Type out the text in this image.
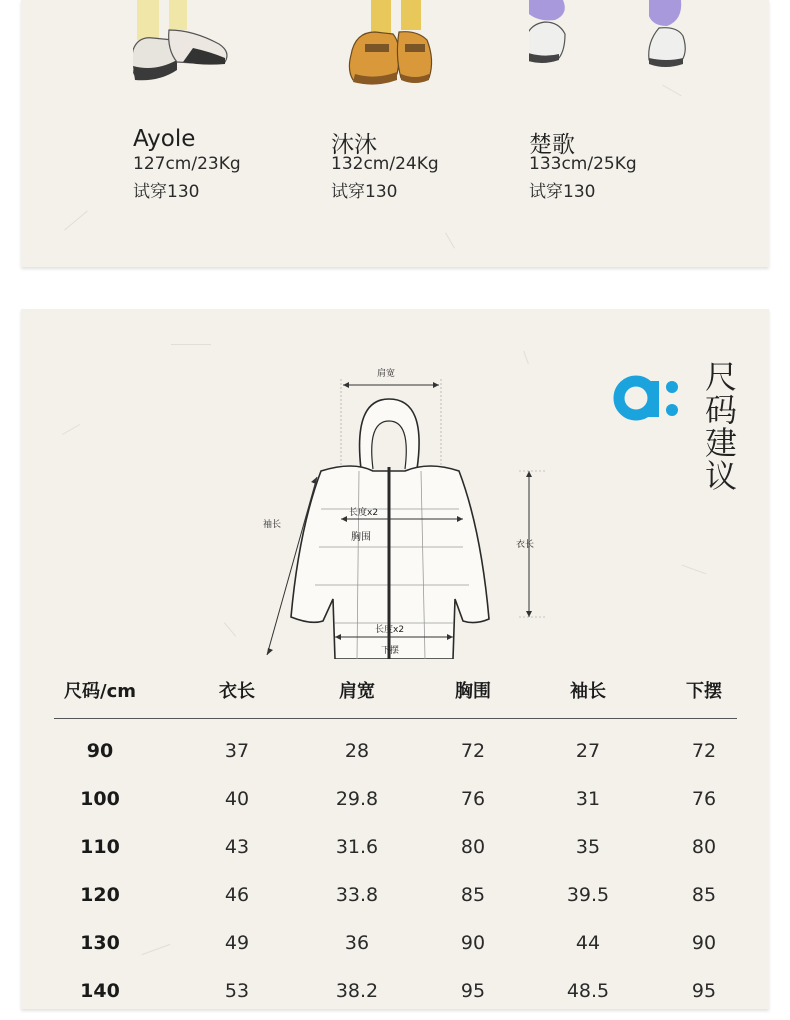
Ayole
127cm/23Kg
试穿130
沐沐
132cm/24Kg
试穿130
楚歌
133cm/25Kg
试穿130
肩宽
袖长
长度x2
胸围
衣长
长度x2
下摆
尺
码
建
议
尺码/cm	衣长	肩宽	胸围	袖长	下摆
90	37	28	72	27	72
100	40	29.8	76	31	76
110	43	31.6	80	35	80
120	46	33.8	85	39.5	85
130	49	36	90	44	90
140	53	38.2	95	48.5	95
